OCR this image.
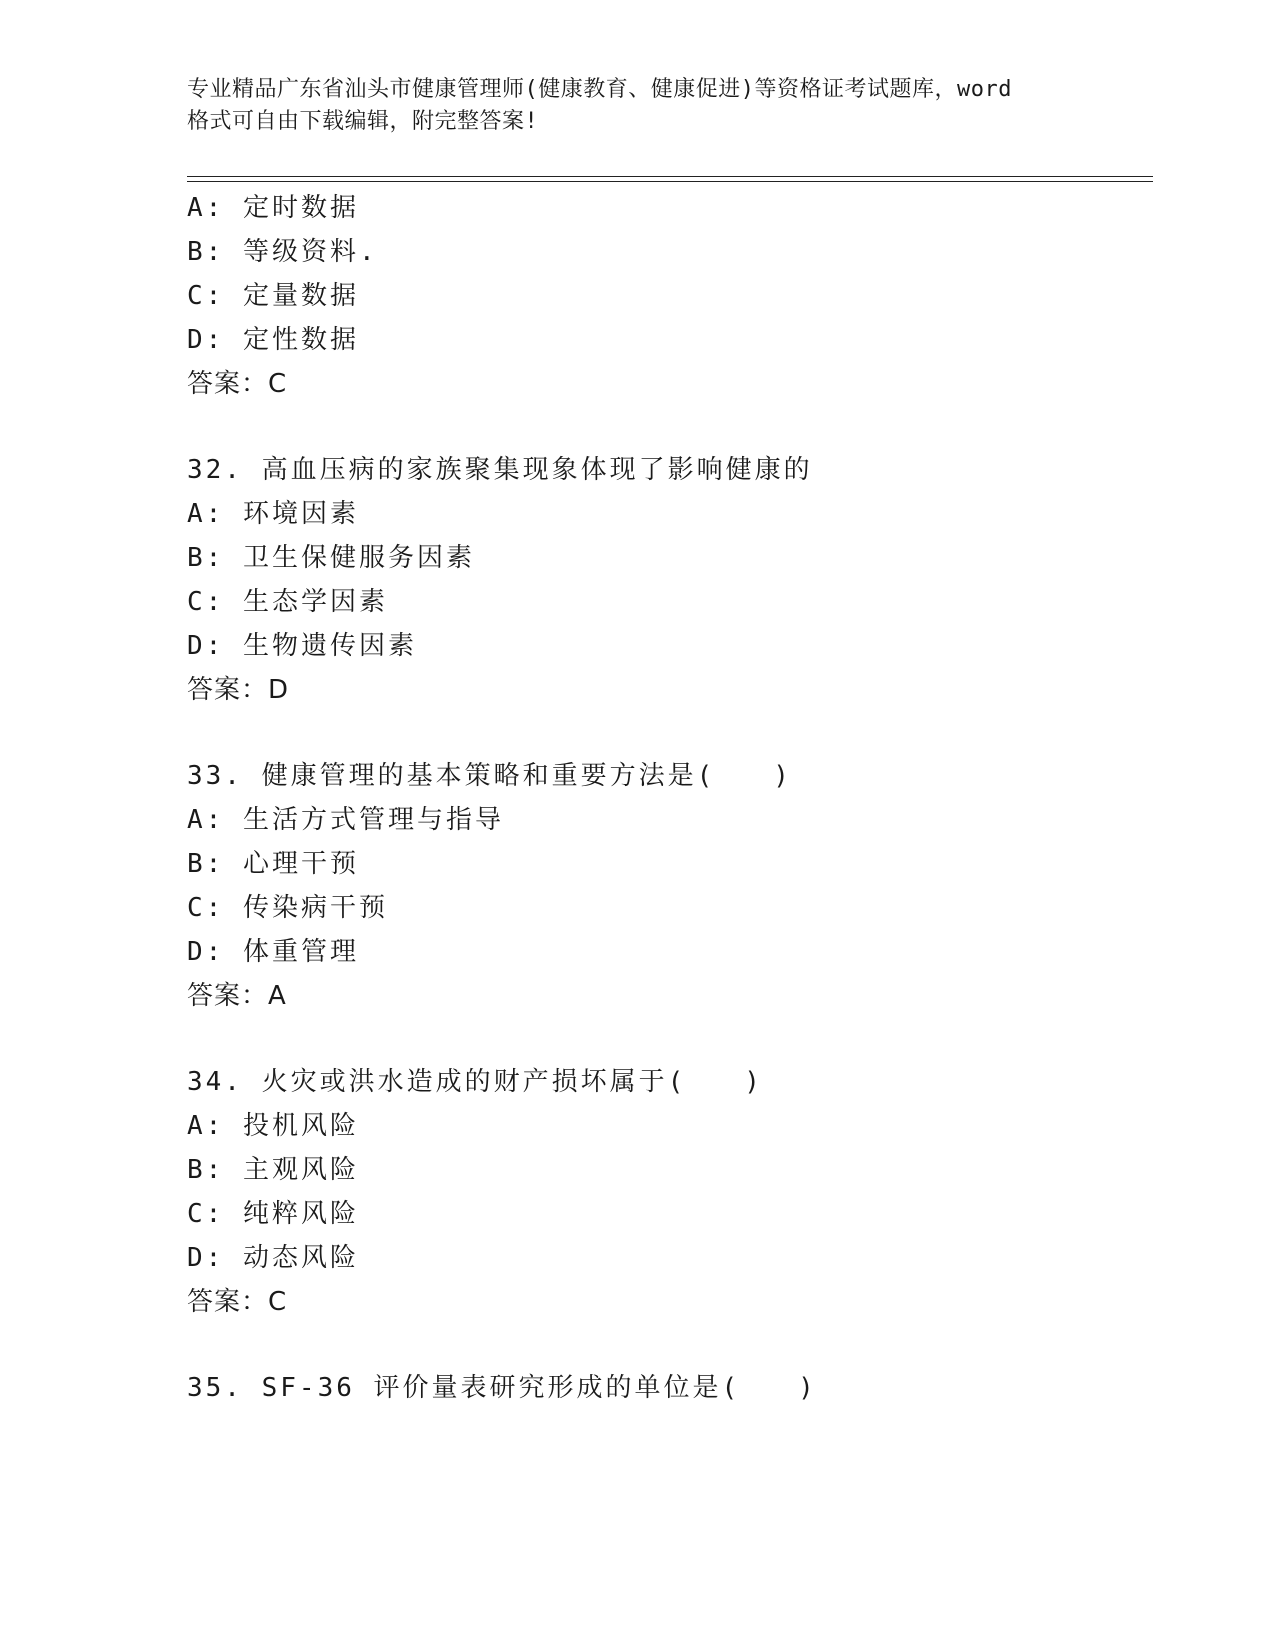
专业精品广东省汕头市健康管理师(健康教育、健康促进)等资格证考试题库，word
格式可自由下载编辑，附完整答案!
A: 定时数据
B: 等级资料.
C: 定量数据
D: 定性数据
答案：C
32. 高血压病的家族聚集现象体现了影响健康的
A: 环境因素
B: 卫生保健服务因素
C: 生态学因素
D: 生物遗传因素
答案：D
33. 健康管理的基本策略和重要方法是(　　)
A: 生活方式管理与指导
B: 心理干预
C: 传染病干预
D: 体重管理
答案：A
34. 火灾或洪水造成的财产损坏属于(　　)
A: 投机风险
B: 主观风险
C: 纯粹风险
D: 动态风险
答案：C
35. SF-36 评价量表研究形成的单位是(　　)
